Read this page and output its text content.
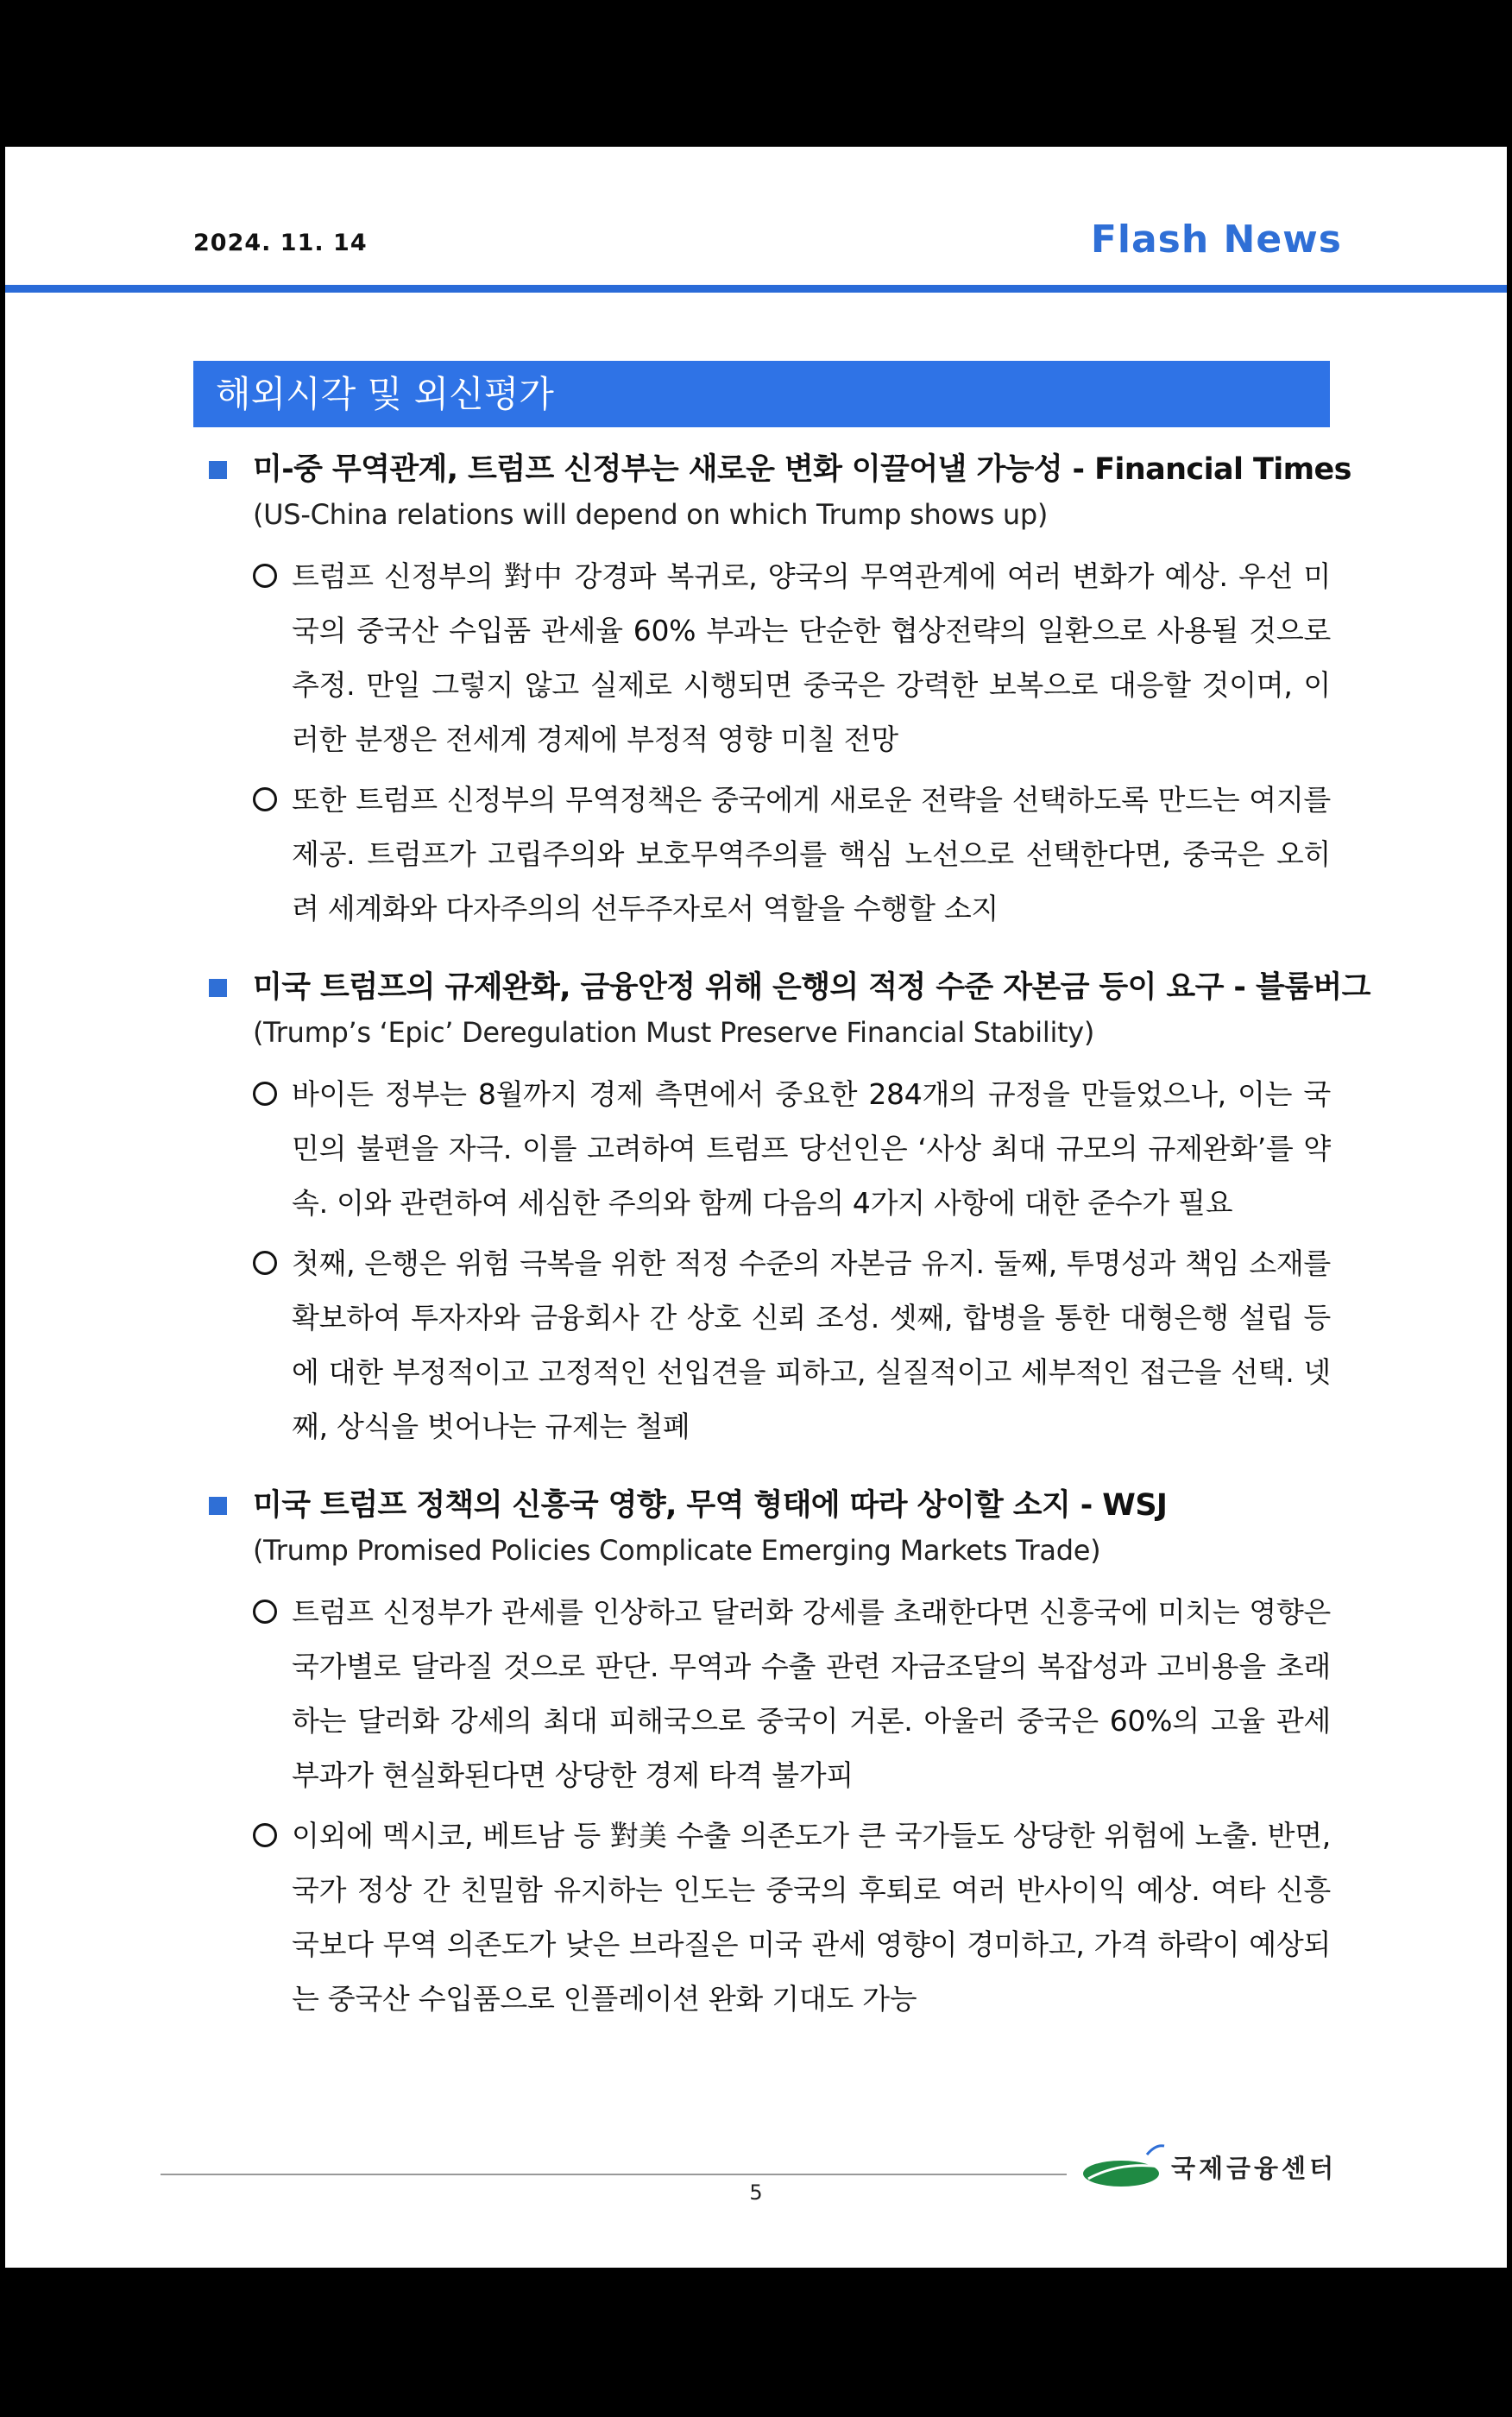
2024. 11. 14	Flash News
해외시각 및 외신평가
미-중 무역관계, 트럼프 신정부는 새로운 변화 이끌어낼 가능성 - Financial Times
(US-China relations will depend on which Trump shows up)
트럼프 신정부의 對中 강경파 복귀로, 양국의 무역관계에 여러 변화가 예상. 우선 미국의 중국산 수입품 관세율 60% 부과는 단순한 협상전략의 일환으로 사용될 것으로 추정. 만일 그렇지 않고 실제로 시행되면 중국은 강력한 보복으로 대응할 것이며, 이러한 분쟁은 전세계 경제에 부정적 영향 미칠 전망
또한 트럼프 신정부의 무역정책은 중국에게 새로운 전략을 선택하도록 만드는 여지를 제공. 트럼프가 고립주의와 보호무역주의를 핵심 노선으로 선택한다면, 중국은 오히려 세계화와 다자주의의 선두주자로서 역할을 수행할 소지
미국 트럼프의 규제완화, 금융안정 위해 은행의 적정 수준 자본금 등이 요구 - 블룸버그
(Trump’s ‘Epic’ Deregulation Must Preserve Financial Stability)
바이든 정부는 8월까지 경제 측면에서 중요한 284개의 규정을 만들었으나, 이는 국민의 불편을 자극. 이를 고려하여 트럼프 당선인은 ‘사상 최대 규모의 규제완화’를 약속. 이와 관련하여 세심한 주의와 함께 다음의 4가지 사항에 대한 준수가 필요
첫째, 은행은 위험 극복을 위한 적정 수준의 자본금 유지. 둘째, 투명성과 책임 소재를 확보하여 투자자와 금융회사 간 상호 신뢰 조성. 셋째, 합병을 통한 대형은행 설립 등에 대한 부정적이고 고정적인 선입견을 피하고, 실질적이고 세부적인 접근을 선택. 넷째, 상식을 벗어나는 규제는 철폐
미국 트럼프 정책의 신흥국 영향, 무역 형태에 따라 상이할 소지 - WSJ
(Trump Promised Policies Complicate Emerging Markets Trade)
트럼프 신정부가 관세를 인상하고 달러화 강세를 초래한다면 신흥국에 미치는 영향은 국가별로 달라질 것으로 판단. 무역과 수출 관련 자금조달의 복잡성과 고비용을 초래하는 달러화 강세의 최대 피해국으로 중국이 거론. 아울러 중국은 60%의 고율 관세 부과가 현실화된다면 상당한 경제 타격 불가피
이외에 멕시코, 베트남 등 對美 수출 의존도가 큰 국가들도 상당한 위험에 노출. 반면, 국가 정상 간 친밀함 유지하는 인도는 중국의 후퇴로 여러 반사이익 예상. 여타 신흥국보다 무역 의존도가 낮은 브라질은 미국 관세 영향이 경미하고, 가격 하락이 예상되는 중국산 수입품으로 인플레이션 완화 기대도 가능
5
국제금융센터
